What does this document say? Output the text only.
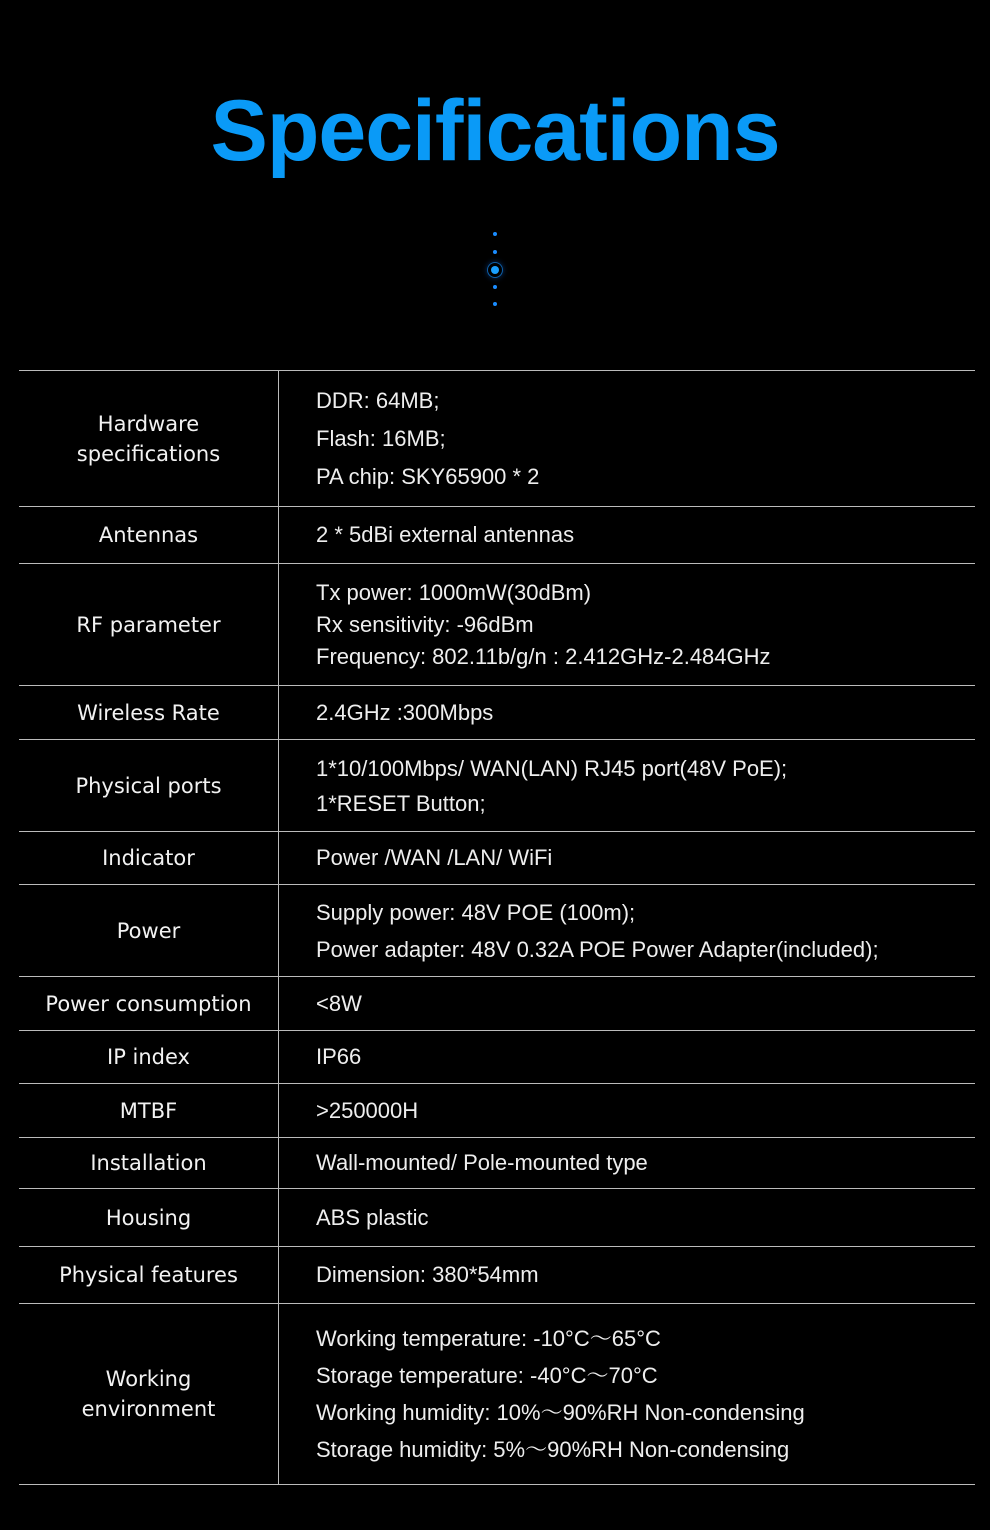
Specifications
Hardware specifications	DDR: 64MB;
Flash: 16MB;
PA chip: SKY65900 * 2

Antennas	2 * 5dBi external antennas

RF parameter	Tx power: 1000mW(30dBm)
Rx sensitivity: -96dBm
Frequency: 802.11b/g/n : 2.412GHz-2.484GHz

Wireless Rate	2.4GHz :300Mbps

Physical ports	1*10/100Mbps/ WAN(LAN) RJ45 port(48V PoE);
1*RESET Button;

Indicator	Power /WAN /LAN/ WiFi

Power	Supply power: 48V POE (100m);
Power adapter: 48V 0.32A POE Power Adapter(included);

Power consumption	<8W

IP index	IP66

MTBF	>250000H

Installation	Wall-mounted/ Pole-mounted type

Housing	ABS plastic

Physical features	Dimension: 380*54mm

Working environment	Working temperature: -10°C～65°C
Storage temperature: -40°C～70°C
Working humidity: 10%～90%RH Non-condensing
Storage humidity: 5%～90%RH Non-condensing
